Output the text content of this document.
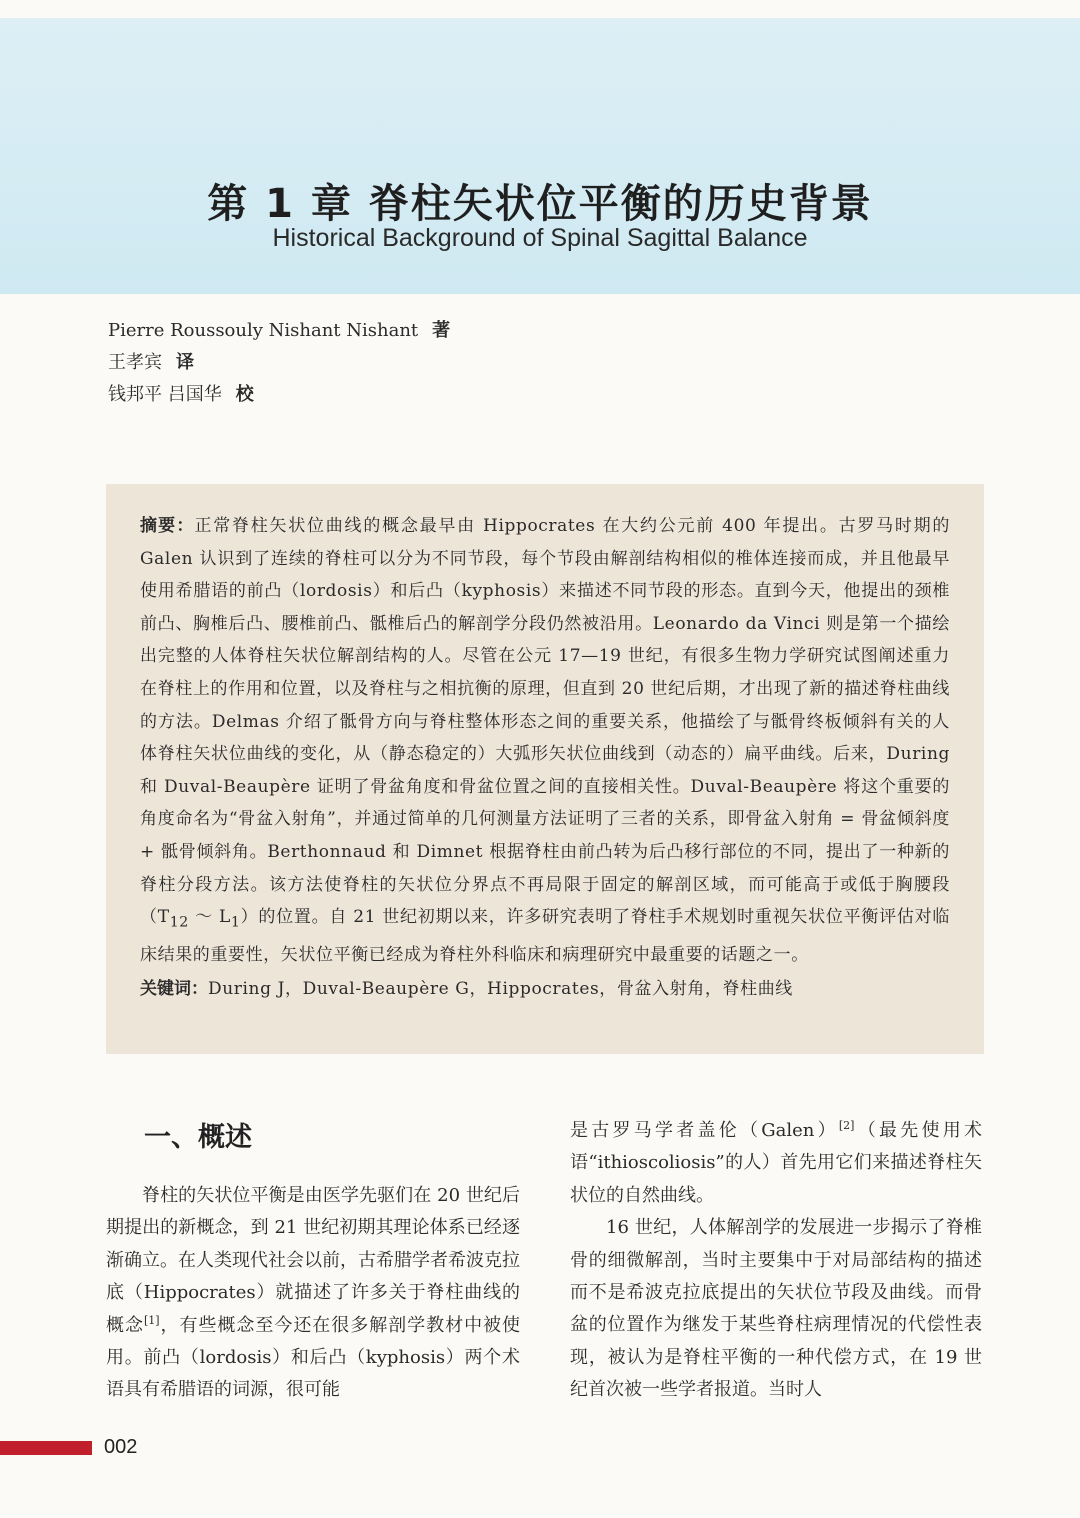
第 1 章 脊柱矢状位平衡的历史背景
Historical Background of Spinal Sagittal Balance
Pierre Roussouly Nishant Nishant 著
王孝宾 译
钱邦平 吕国华 校

摘要：正常脊柱矢状位曲线的概念最早由 Hippocrates 在大约公元前 400 年提出。古罗马时期的 Galen 认识到了连续的脊柱可以分为不同节段，每个节段由解剖结构相似的椎体连接而成，并且他最早使用希腊语的前凸（lordosis）和后凸（kyphosis）来描述不同节段的形态。直到今天，他提出的颈椎前凸、胸椎后凸、腰椎前凸、骶椎后凸的解剖学分段仍然被沿用。Leonardo da Vinci 则是第一个描绘出完整的人体脊柱矢状位解剖结构的人。尽管在公元 17—19 世纪，有很多生物力学研究试图阐述重力在脊柱上的作用和位置，以及脊柱与之相抗衡的原理，但直到 20 世纪后期，才出现了新的描述脊柱曲线的方法。Delmas 介绍了骶骨方向与脊柱整体形态之间的重要关系，他描绘了与骶骨终板倾斜有关的人体脊柱矢状位曲线的变化，从（静态稳定的）大弧形矢状位曲线到（动态的）扁平曲线。后来，During 和 Duval-Beaupère 证明了骨盆角度和骨盆位置之间的直接相关性。Duval-Beaupère 将这个重要的角度命名为“骨盆入射角”，并通过简单的几何测量方法证明了三者的关系，即骨盆入射角 = 骨盆倾斜度 + 骶骨倾斜角。Berthonnaud 和 Dimnet 根据脊柱由前凸转为后凸移行部位的不同，提出了一种新的脊柱分段方法。该方法使脊柱的矢状位分界点不再局限于固定的解剖区域，而可能高于或低于胸腰段（$T_{12}$ ～ $L_1$）的位置。自 21 世纪初期以来，许多研究表明了脊柱手术规划时重视矢状位平衡评估对临床结果的重要性，矢状位平衡已经成为脊柱外科临床和病理研究中最重要的话题之一。

关键词：During J，Duval-Beaupère G，Hippocrates，骨盆入射角，脊柱曲线

一、概述

脊柱的矢状位平衡是由医学先驱们在 20 世纪后期提出的新概念，到 21 世纪初期其理论体系已经逐渐确立。在人类现代社会以前，古希腊学者希波克拉底（Hippocrates）就描述了许多关于脊柱曲线的概念[1]，有些概念至今还在很多解剖学教材中被使用。前凸（lordosis）和后凸（kyphosis）两个术语具有希腊语的词源，很可能

是古罗马学者盖伦（Galen）[2]（最先使用术语“ithioscoliosis”的人）首先用它们来描述脊柱矢状位的自然曲线。

16 世纪，人体解剖学的发展进一步揭示了脊椎骨的细微解剖，当时主要集中于对局部结构的描述而不是希波克拉底提出的矢状位节段及曲线。而骨盆的位置作为继发于某些脊柱病理情况的代偿性表现，被认为是脊柱平衡的一种代偿方式，在 19 世纪首次被一些学者报道。当时人

002
